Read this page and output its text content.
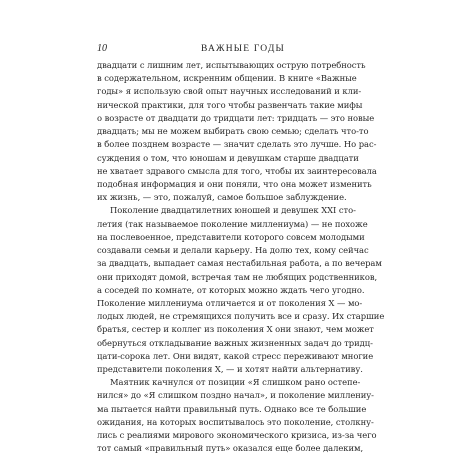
10	ВАЖНЫЕ ГОДЫ
двадцати с лишним лет, испытывающих острую потребность
в содержательном, искренним общении. В книге «Важные
годы» я использую свой опыт научных исследований и кли-
нической практики, для того чтобы развенчать такие мифы
о возрасте от двадцати до тридцати лет: тридцать — это новые
двадцать; мы не можем выбирать свою семью; сделать что-то
в более позднем возрасте — значит сделать это лучше. Но рас-
суждения о том, что юношам и девушкам старше двадцати
не хватает здравого смысла для того, чтобы их заинтересовала
подобная информация и они поняли, что она может изменить
их жизнь, — это, пожалуй, самое большое заблуждение.
Поколение двадцатилетних юношей и девушек XXI сто-
летия (так называемое поколение миллениума) — не похоже
на послевоенное, представители которого совсем молодыми
создавали семьи и делали карьеру. На долю тех, кому сейчас
за двадцать, выпадает самая нестабильная работа, а по вечерам
они приходят домой, встречая там не любящих родственников,
а соседей по комнате, от которых можно ждать чего угодно.
Поколение миллениума отличается и от поколения X — мо-
лодых людей, не стремящихся получить все и сразу. Их старшие
братья, сестер и коллег из поколения X они знают, чем может
обернуться откладывание важных жизненных задач до тридц-
цати-сорока лет. Они видят, какой стресс переживают многие
представители поколения X, — и хотят найти альтернативу.
Маятник качнулся от позиции «Я слишком рано остепе-
нился» до «Я слишком поздно начал», и поколение миллениу-
ма пытается найти правильный путь. Однако все те большие
ожидания, на которых воспитывалось это поколение, столкну-
лись с реалиями мирового экономического кризиса, из-за чего
тот самый «правильный путь» оказался еще более далеким,
